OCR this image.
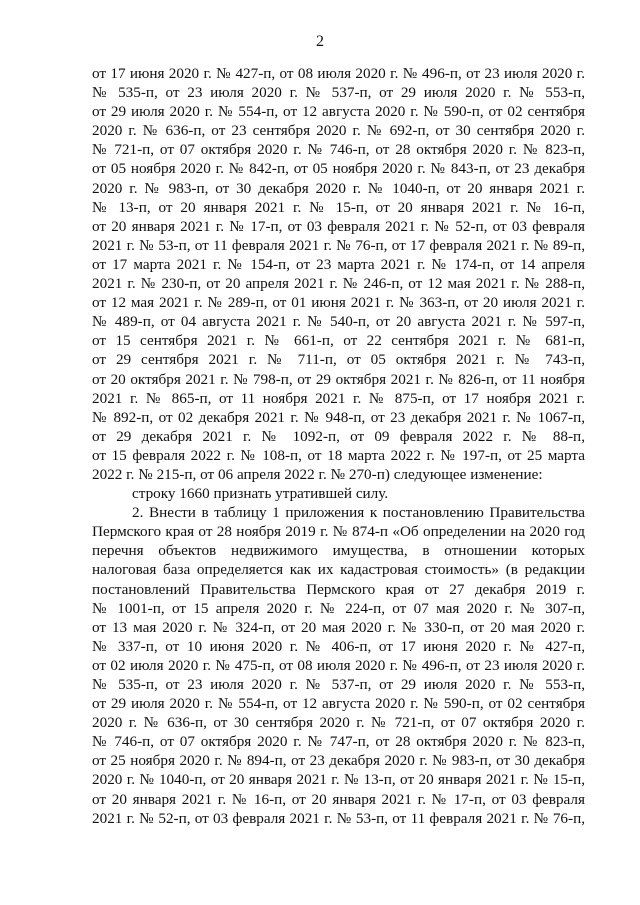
2
от 17 июня 2020 г. № 427-п, от 08 июля 2020 г. № 496-п, от 23 июля 2020 г.
№ 535-п, от 23 июля 2020 г. № 537-п, от 29 июля 2020 г. № 553-п,
от 29 июля 2020 г. № 554-п, от 12 августа 2020 г. № 590-п, от 02 сентября
2020 г. № 636-п, от 23 сентября 2020 г. № 692-п, от 30 сентября 2020 г.
№ 721-п, от 07 октября 2020 г. № 746-п, от 28 октября 2020 г. № 823-п,
от 05 ноября 2020 г. № 842-п, от 05 ноября 2020 г. № 843-п, от 23 декабря
2020 г. № 983-п, от 30 декабря 2020 г. № 1040-п, от 20 января 2021 г.
№ 13-п, от 20 января 2021 г. № 15-п, от 20 января 2021 г. № 16-п,
от 20 января 2021 г. № 17-п, от 03 февраля 2021 г. № 52-п, от 03 февраля
2021 г. № 53-п, от 11 февраля 2021 г. № 76-п, от 17 февраля 2021 г. № 89-п,
от 17 марта 2021 г. № 154-п, от 23 марта 2021 г. № 174-п, от 14 апреля
2021 г. № 230-п, от 20 апреля 2021 г. № 246-п, от 12 мая 2021 г. № 288-п,
от 12 мая 2021 г. № 289-п, от 01 июня 2021 г. № 363-п, от 20 июля 2021 г.
№ 489-п, от 04 августа 2021 г. № 540-п, от 20 августа 2021 г. № 597-п,
от 15 сентября 2021 г. № 661-п, от 22 сентября 2021 г. № 681-п,
от 29 сентября 2021 г. № 711-п, от 05 октября 2021 г. № 743-п,
от 20 октября 2021 г. № 798-п, от 29 октября 2021 г. № 826-п, от 11 ноября
2021 г. № 865-п, от 11 ноября 2021 г. № 875-п, от 17 ноября 2021 г.
№ 892-п, от 02 декабря 2021 г. № 948-п, от 23 декабря 2021 г. № 1067-п,
от 29 декабря 2021 г. № 1092-п, от 09 февраля 2022 г. № 88-п,
от 15 февраля 2022 г. № 108-п, от 18 марта 2022 г. № 197-п, от 25 марта
2022 г. № 215-п, от 06 апреля 2022 г. № 270-п) следующее изменение:
строку 1660 признать утратившей силу.
2. Внести в таблицу 1 приложения к постановлению Правительства
Пермского края от 28 ноября 2019 г. № 874-п «Об определении на 2020 год
перечня объектов недвижимого имущества, в отношении которых
налоговая база определяется как их кадастровая стоимость» (в редакции
постановлений Правительства Пермского края от 27 декабря 2019 г.
№ 1001-п, от 15 апреля 2020 г. № 224-п, от 07 мая 2020 г. № 307-п,
от 13 мая 2020 г. № 324-п, от 20 мая 2020 г. № 330-п, от 20 мая 2020 г.
№ 337-п, от 10 июня 2020 г. № 406-п, от 17 июня 2020 г. № 427-п,
от 02 июля 2020 г. № 475-п, от 08 июля 2020 г. № 496-п, от 23 июля 2020 г.
№ 535-п, от 23 июля 2020 г. № 537-п, от 29 июля 2020 г. № 553-п,
от 29 июля 2020 г. № 554-п, от 12 августа 2020 г. № 590-п, от 02 сентября
2020 г. № 636-п, от 30 сентября 2020 г. № 721-п, от 07 октября 2020 г.
№ 746-п, от 07 октября 2020 г. № 747-п, от 28 октября 2020 г. № 823-п,
от 25 ноября 2020 г. № 894-п, от 23 декабря 2020 г. № 983-п, от 30 декабря
2020 г. № 1040-п, от 20 января 2021 г. № 13-п, от 20 января 2021 г. № 15-п,
от 20 января 2021 г. № 16-п, от 20 января 2021 г. № 17-п, от 03 февраля
2021 г. № 52-п, от 03 февраля 2021 г. № 53-п, от 11 февраля 2021 г. № 76-п,
